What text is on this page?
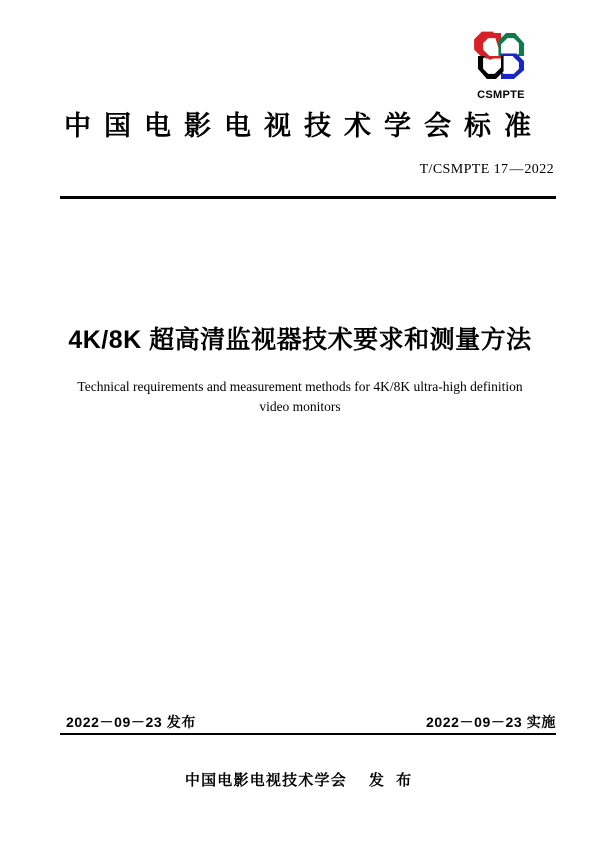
CSMPTE
中国电影电视技术学会标准
T/CSMPTE 17—2022
4K/8K 超高清监视器技术要求和测量方法
Technical requirements and measurement methods for 4K/8K ultra-high definition video monitors
2022－09－23 发布	2022－09－23 实施
中国电影电视技术学会 发 布
